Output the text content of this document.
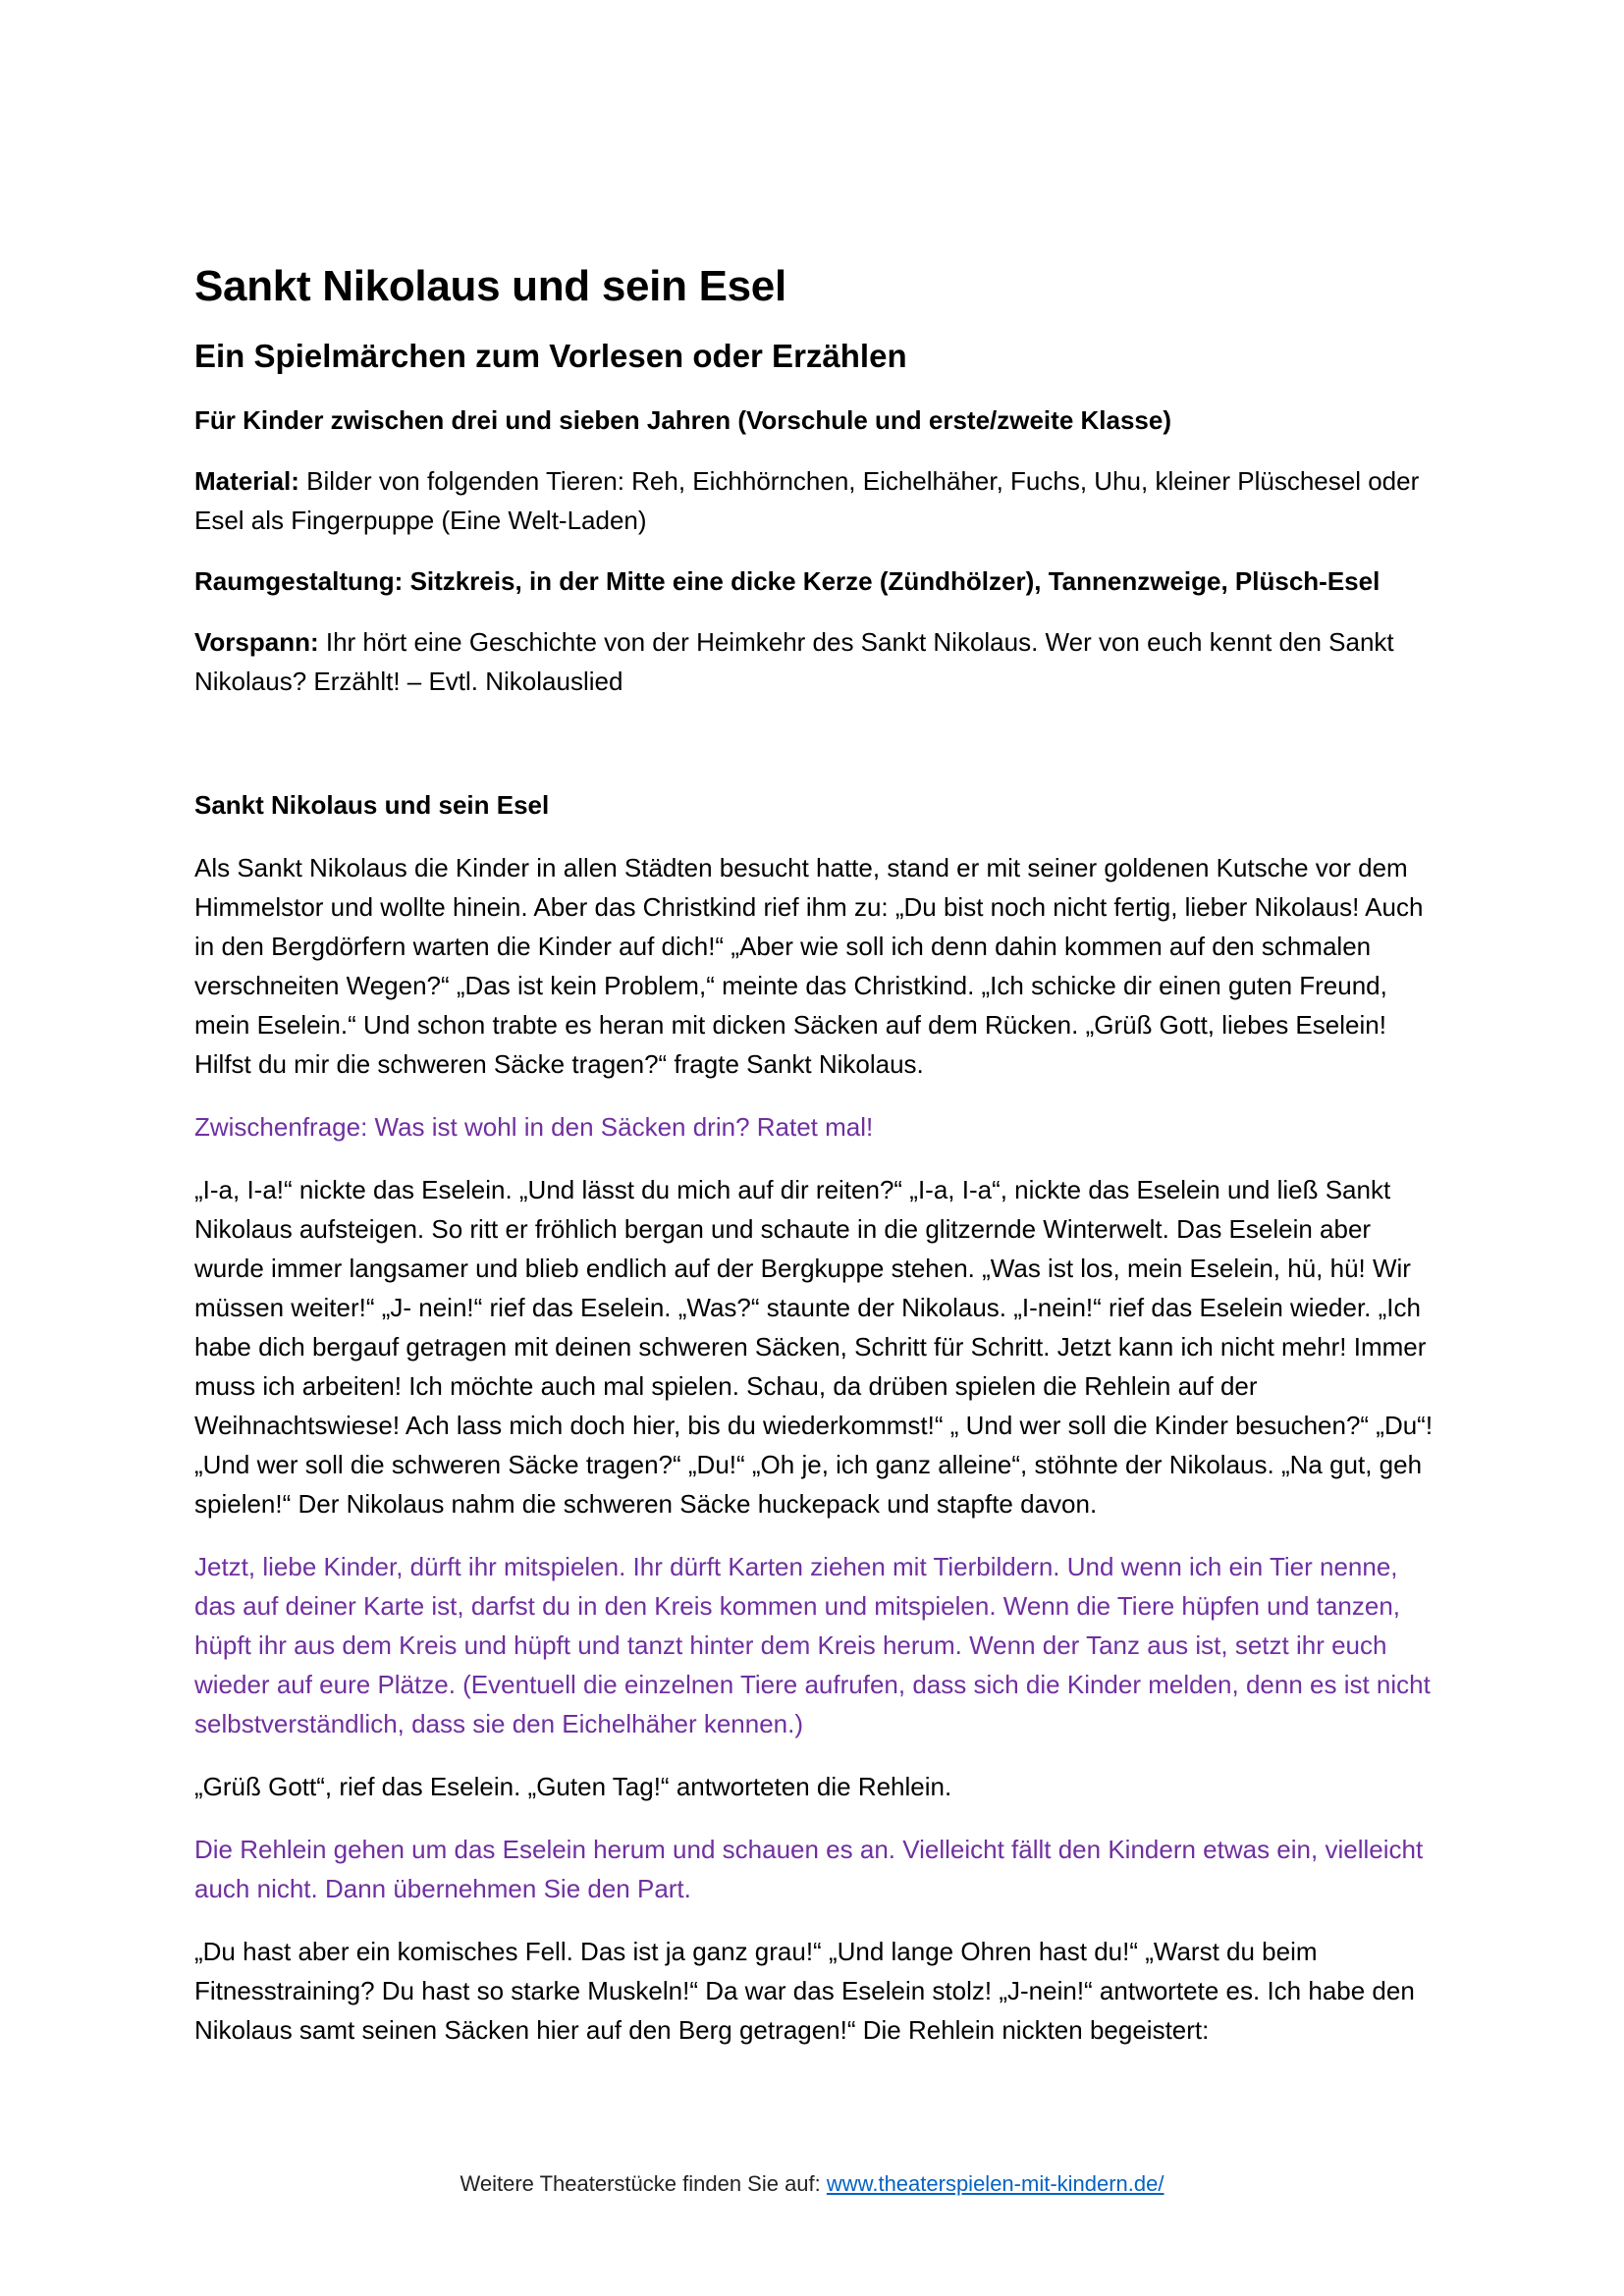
Sankt Nikolaus und sein Esel
Ein Spielmärchen zum Vorlesen oder Erzählen

Für Kinder zwischen drei und sieben Jahren (Vorschule und erste/zweite Klasse)

Material: Bilder von folgenden Tieren: Reh, Eichhörnchen, Eichelhäher, Fuchs, Uhu, kleiner Plüschesel oder Esel als Fingerpuppe (Eine Welt-Laden)

Raumgestaltung: Sitzkreis, in der Mitte eine dicke Kerze (Zündhölzer), Tannenzweige, Plüsch-Esel

Vorspann: Ihr hört eine Geschichte von der Heimkehr des Sankt Nikolaus. Wer von euch kennt den Sankt Nikolaus? Erzählt! – Evtl. Nikolauslied

Sankt Nikolaus und sein Esel

Als Sankt Nikolaus die Kinder in allen Städten besucht hatte, stand er mit seiner goldenen Kutsche vor dem Himmelstor und wollte hinein. Aber das Christkind rief ihm zu: „Du bist noch nicht fertig, lieber Nikolaus! Auch in den Bergdörfern warten die Kinder auf dich!“ „Aber wie soll ich denn dahin kommen auf den schmalen verschneiten Wegen?“ „Das ist kein Problem,“ meinte das Christkind. „Ich schicke dir einen guten Freund, mein Eselein.“ Und schon trabte es heran mit dicken Säcken auf dem Rücken. „Grüß Gott, liebes Eselein! Hilfst du mir die schweren Säcke tragen?“ fragte Sankt Nikolaus.

Zwischenfrage: Was ist wohl in den Säcken drin? Ratet mal!

„I-a, I-a!“ nickte das Eselein. „Und lässt du mich auf dir reiten?“ „I-a, I-a“, nickte das Eselein und ließ Sankt Nikolaus aufsteigen. So ritt er fröhlich bergan und schaute in die glitzernde Winterwelt. Das Eselein aber wurde immer langsamer und blieb endlich auf der Bergkuppe stehen. „Was ist los, mein Eselein, hü, hü! Wir müssen weiter!“ „J- nein!“ rief das Eselein. „Was?“ staunte der Nikolaus. „I-nein!“ rief das Eselein wieder. „Ich habe dich bergauf getragen mit deinen schweren Säcken, Schritt für Schritt. Jetzt kann ich nicht mehr! Immer muss ich arbeiten! Ich möchte auch mal spielen. Schau, da drüben spielen die Rehlein auf der Weihnachtswiese! Ach lass mich doch hier, bis du wiederkommst!“ „ Und wer soll die Kinder besuchen?“ „Du“! „Und wer soll die schweren Säcke tragen?“ „Du!“ „Oh je, ich ganz alleine“, stöhnte der Nikolaus. „Na gut, geh spielen!“ Der Nikolaus nahm die schweren Säcke huckepack und stapfte davon.

Jetzt, liebe Kinder, dürft ihr mitspielen. Ihr dürft Karten ziehen mit Tierbildern. Und wenn ich ein Tier nenne, das auf deiner Karte ist, darfst du in den Kreis kommen und mitspielen. Wenn die Tiere hüpfen und tanzen, hüpft ihr aus dem Kreis und hüpft und tanzt hinter dem Kreis herum. Wenn der Tanz aus ist, setzt ihr euch wieder auf eure Plätze. (Eventuell die einzelnen Tiere aufrufen, dass sich die Kinder melden, denn es ist nicht selbstverständlich, dass sie den Eichelhäher kennen.)

„Grüß Gott“, rief das Eselein. „Guten Tag!“ antworteten die Rehlein.

Die Rehlein gehen um das Eselein herum und schauen es an. Vielleicht fällt den Kindern etwas ein, vielleicht auch nicht. Dann übernehmen Sie den Part.

„Du hast aber ein komisches Fell. Das ist ja ganz grau!“ „Und lange Ohren hast du!“ „Warst du beim Fitnesstraining? Du hast so starke Muskeln!“ Da war das Eselein stolz! „J-nein!“ antwortete es. Ich habe den Nikolaus samt seinen Säcken hier auf den Berg getragen!“ Die Rehlein nickten begeistert:

Weitere Theaterstücke finden Sie auf: www.theaterspielen-mit-kindern.de/
